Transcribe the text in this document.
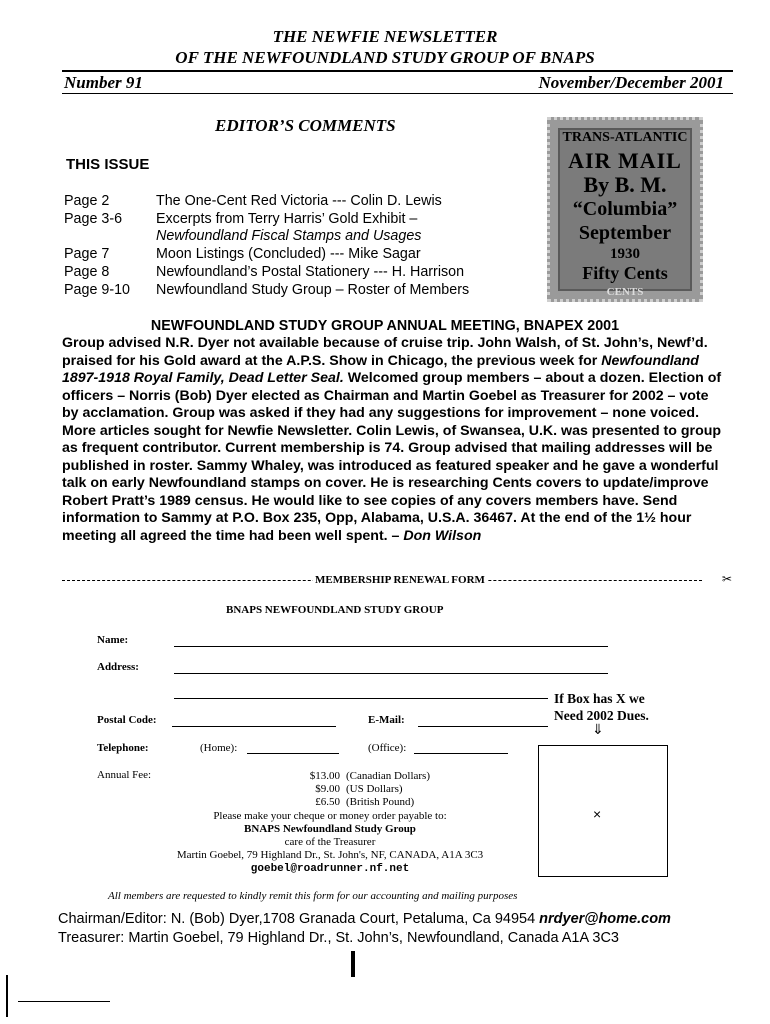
THE NEWFIE NEWSLETTER
OF THE NEWFOUNDLAND STUDY GROUP OF BNAPS
Number 91	November/December 2001
EDITOR’S COMMENTS
THIS ISSUE
Page 2	The One-Cent Red Victoria --- Colin D. Lewis
Page 3-6	Excerpts from Terry Harris’ Gold Exhibit –
Newfoundland Fiscal Stamps and Usages
Page 7	Moon Listings (Concluded) --- Mike Sagar
Page 8	Newfoundland’s Postal Stationery --- H. Harrison
Page 9-10	Newfoundland Study Group – Roster of Members
TRANS-ATLANTIC
AIR MAIL
By B. M.
“Columbia”
September
1930
Fifty Cents
CENTS
NEWFOUNDLAND STUDY GROUP ANNUAL MEETING, BNAPEX 2001
Group advised N.R. Dyer not available because of cruise trip. John Walsh, of St. John’s, Newf’d. praised for his Gold award at the A.P.S. Show in Chicago, the previous week for Newfoundland 1897-1918 Royal Family, Dead Letter Seal. Welcomed group members – about a dozen. Election of officers – Norris (Bob) Dyer elected as Chairman and Martin Goebel as Treasurer for 2002 – vote by acclamation. Group was asked if they had any suggestions for improvement – none voiced. More articles sought for Newfie Newsletter. Colin Lewis, of Swansea, U.K. was presented to group as frequent contributor. Current membership is 74. Group advised that mailing addresses will be published in roster. Sammy Whaley, was introduced as featured speaker and he gave a wonderful talk on early Newfoundland stamps on cover. He is researching Cents covers to update/improve Robert Pratt’s 1989 census. He would like to see copies of any covers members have. Send information to Sammy at P.O. Box 235, Opp, Alabama, U.S.A. 36467. At the end of the 1½ hour meeting all agreed the time had been well spent. – Don Wilson
MEMBERSHIP RENEWAL FORM	✂
BNAPS NEWFOUNDLAND STUDY GROUP
Name:
Address:
If Box has X we
Need 2002 Dues.
⇓
Postal Code:	E-Mail:
Telephone:	(Home):	(Office):
×
Annual Fee:	$13.00 (Canadian Dollars)
$9.00 (US Dollars)
£6.50 (British Pound)
Please make your cheque or money order payable to:
BNAPS Newfoundland Study Group
care of the Treasurer
Martin Goebel, 79 Highland Dr., St. John's, NF, CANADA, A1A 3C3
goebel@roadrunner.nf.net
All members are requested to kindly remit this form for our accounting and mailing purposes
Chairman/Editor: N. (Bob) Dyer,1708 Granada Court, Petaluma, Ca 94954 nrdyer@home.com
Treasurer: Martin Goebel, 79 Highland Dr., St. John’s, Newfoundland, Canada A1A 3C3
